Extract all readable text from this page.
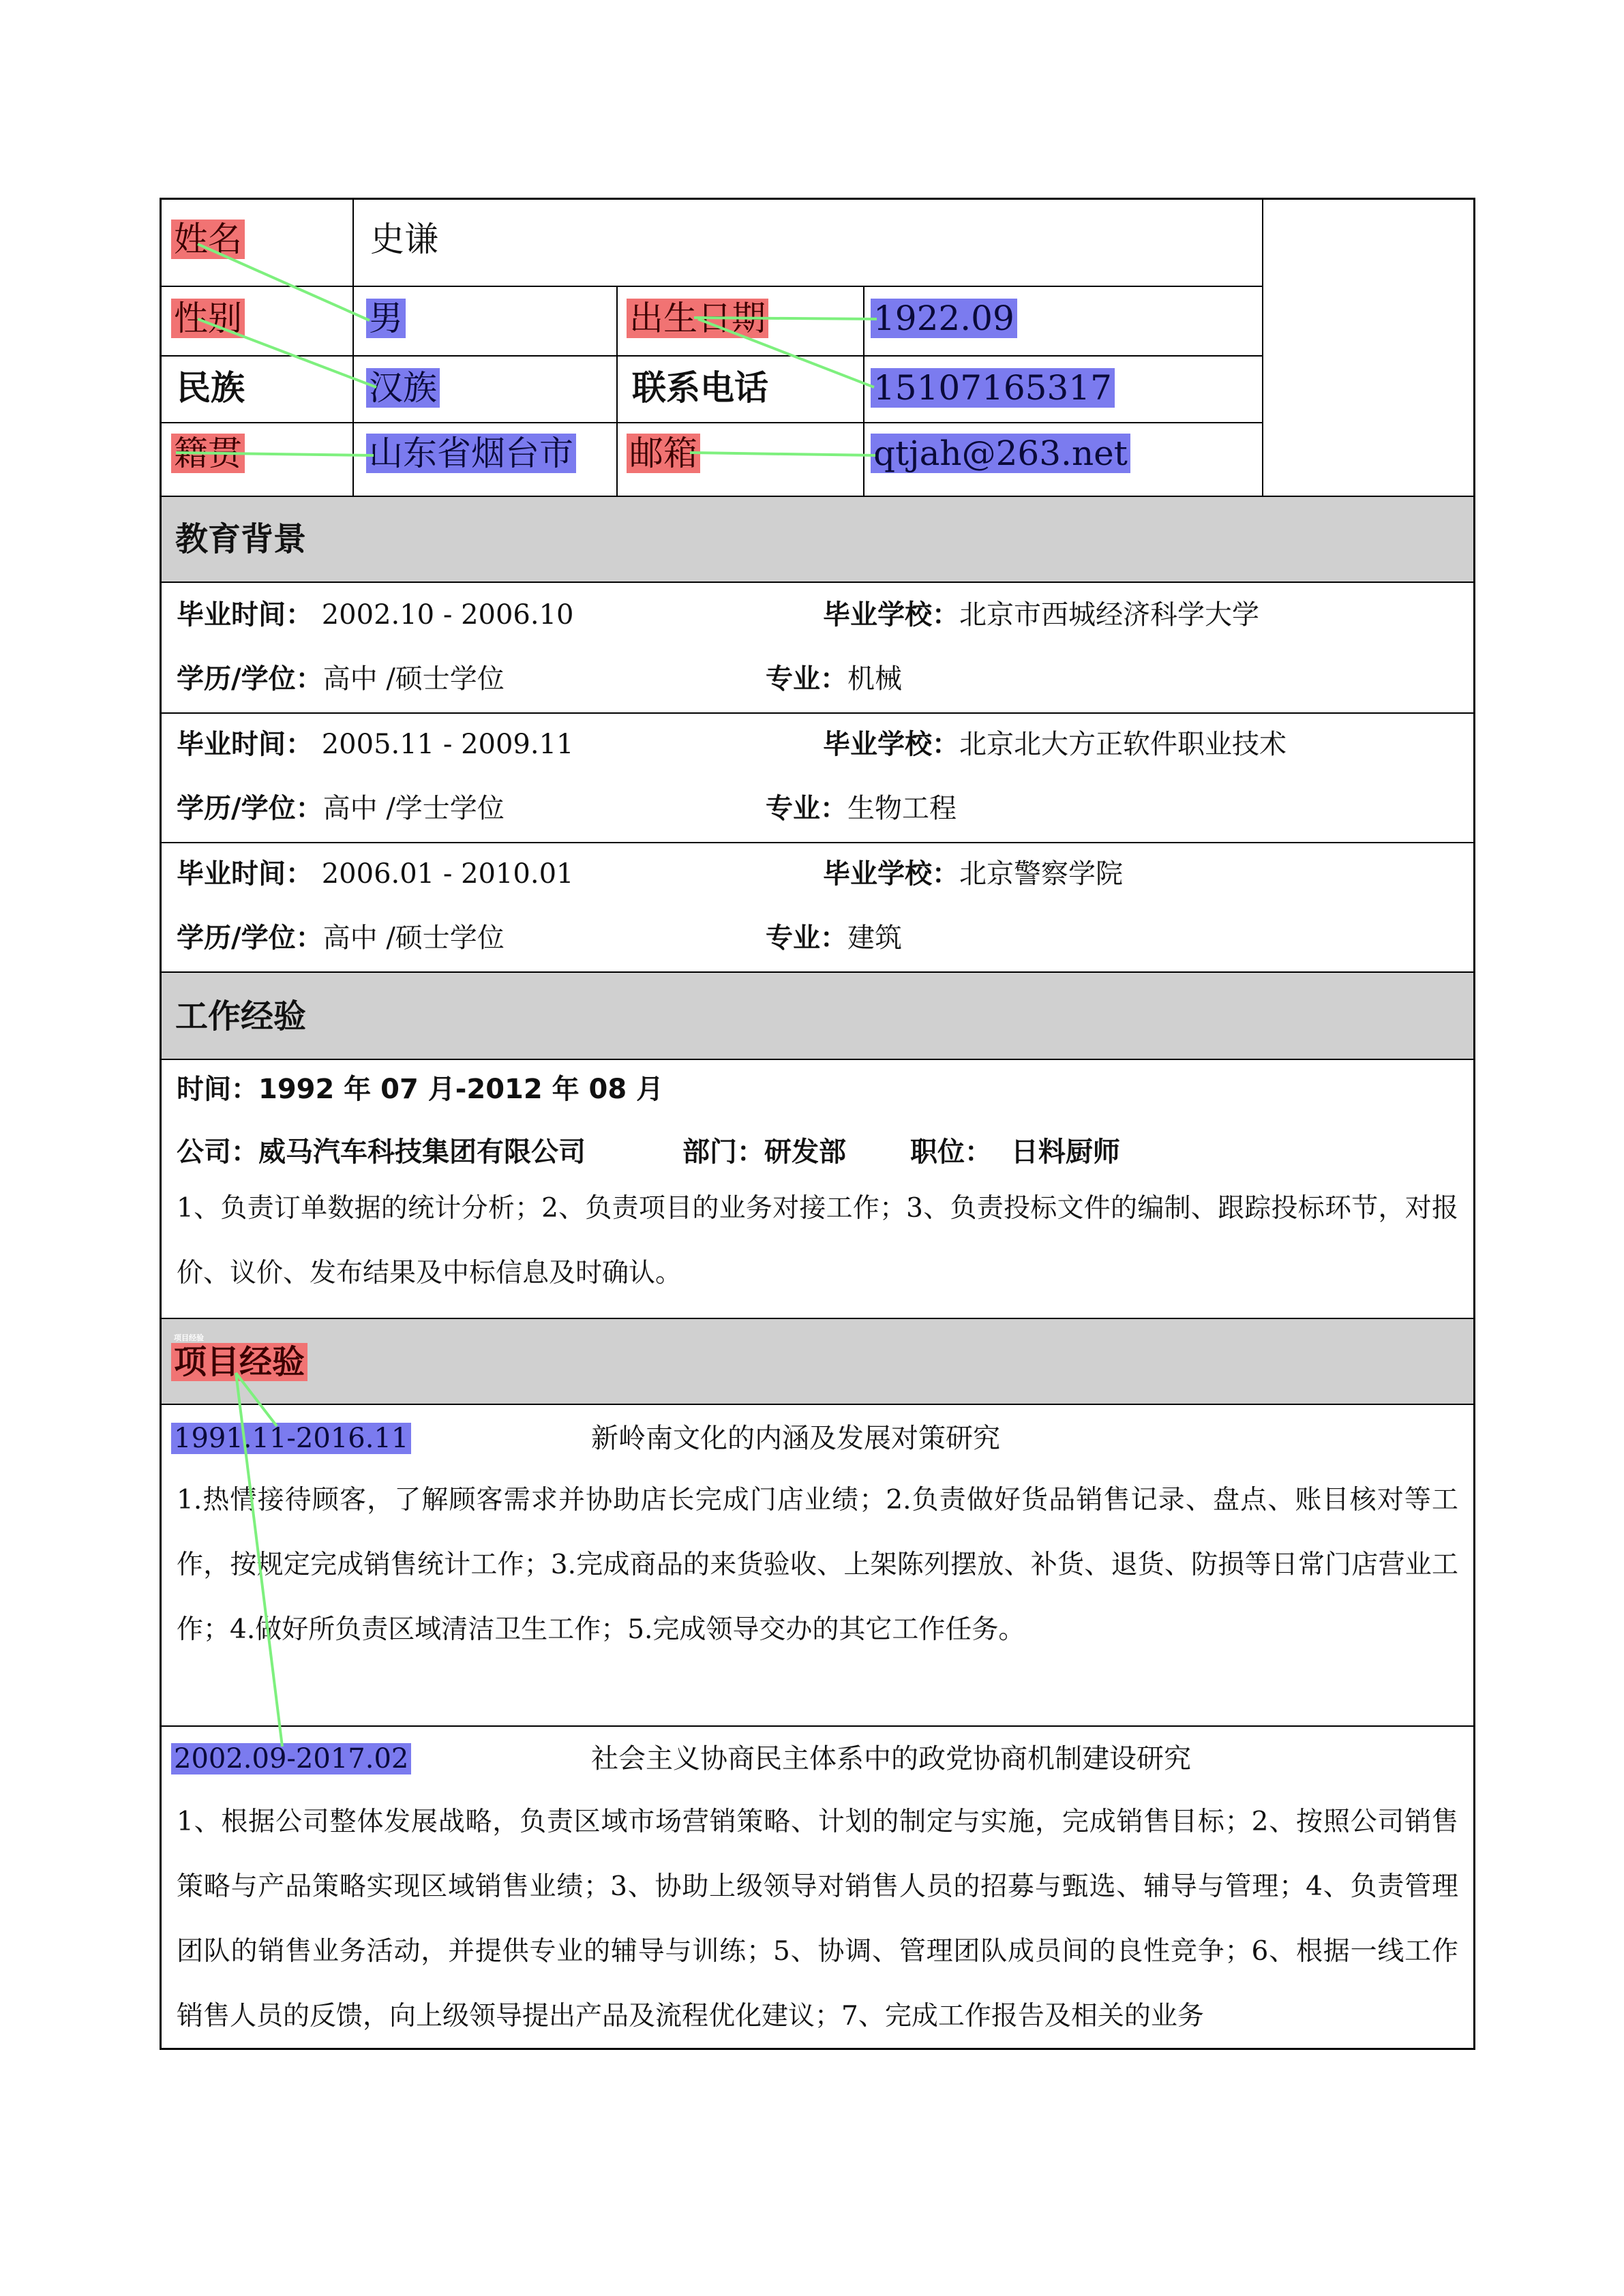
姓名
姓名	史谦
性别	男	出生日期	1922.09
民族	汉族	联系电话	15107165317
籍贯	山东省烟台市 邮箱	qtjah@263.net
教育背景
毕业时间： 2002.10 - 2006.10	毕业学校：北京市西城经济科学大学
学历/学位：高中 /硕士学位	专业：机械
毕业时间： 2005.11 - 2009.11	毕业学校：北京北大方正软件职业技术
学历/学位：高中 /学士学位	专业：生物工程
毕业时间： 2006.01 - 2010.01	毕业学校：北京警察学院
学历/学位：高中 /硕士学位	专业：建筑
工作经验
时间：1992 年 07 月-2012 年 08 月
公司：威马汽车科技集团有限公司	部门：研发部 职位： 日料厨师
1、负责订单数据的统计分析；2、负责项目的业务对接工作；3、负责投标文件的编制、跟踪投标环节，对报价、议价、发布结果及中标信息及时确认。
项目经验
项目经验
1991.11-2016.11	新岭南文化的内涵及发展对策研究
1.热情接待顾客，了解顾客需求并协助店长完成门店业绩；2.负责做好货品销售记录、盘点、账目核对等工作，按规定完成销售统计工作；3.完成商品的来货验收、上架陈列摆放、补货、退货、防损等日常门店营业工作；4.做好所负责区域清洁卫生工作；5.完成领导交办的其它工作任务。
2002.09-2017.02	社会主义协商民主体系中的政党协商机制建设研究
1、根据公司整体发展战略，负责区域市场营销策略、计划的制定与实施，完成销售目标；2、按照公司销售策略与产品策略实现区域销售业绩；3、协助上级领导对销售人员的招募与甄选、辅导与管理；4、负责管理团队的销售业务活动，并提供专业的辅导与训练；5、协调、管理团队成员间的良性竞争；6、根据一线工作销售人员的反馈，向上级领导提出产品及流程优化建议；7、完成工作报告及相关的业务
